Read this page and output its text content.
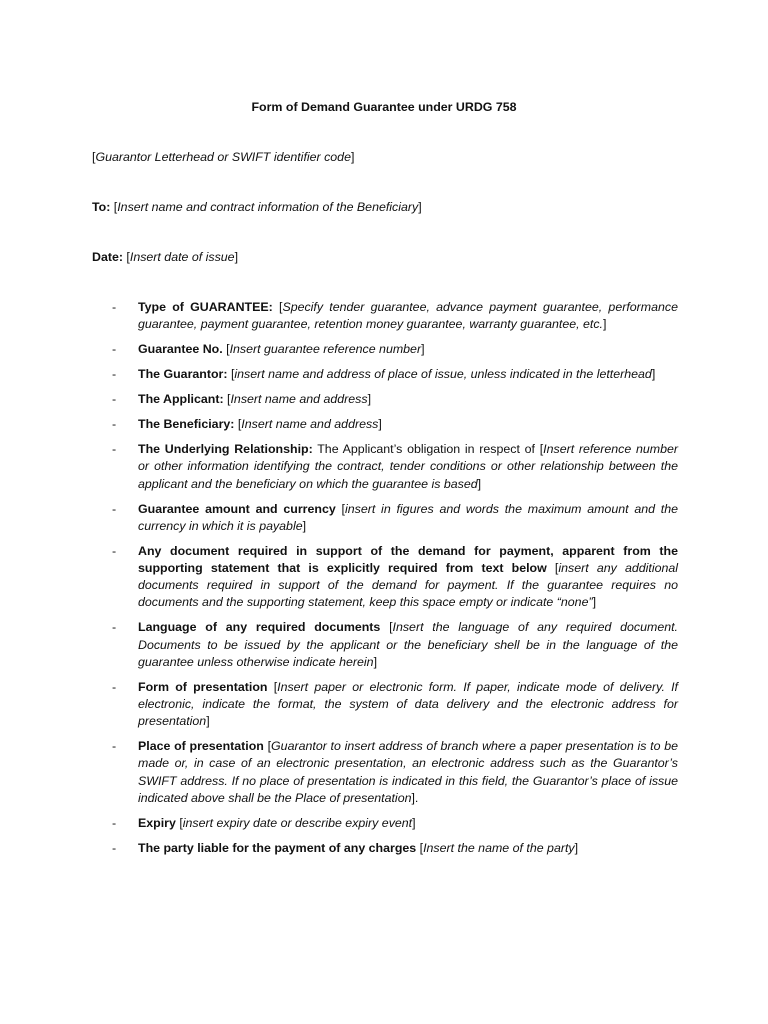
Form of Demand Guarantee under URDG 758
[Guarantor Letterhead or SWIFT identifier code]
To: [Insert name and contract information of the Beneficiary]
Date: [Insert date of issue]
- Type of GUARANTEE: [Specify tender guarantee, advance payment guarantee, performance guarantee, payment guarantee, retention money guarantee, warranty guarantee, etc.]
- Guarantee No. [Insert guarantee reference number]
- The Guarantor: [insert name and address of place of issue, unless indicated in the letterhead]
- The Applicant: [Insert name and address]
- The Beneficiary: [Insert name and address]
- The Underlying Relationship: The Applicant’s obligation in respect of [Insert reference number or other information identifying the contract, tender conditions or other relationship between the applicant and the beneficiary on which the guarantee is based]
- Guarantee amount and currency [insert in figures and words the maximum amount and the currency in which it is payable]
- Any document required in support of the demand for payment, apparent from the supporting statement that is explicitly required from text below [insert any additional documents required in support of the demand for payment. If the guarantee requires no documents and the supporting statement, keep this space empty or indicate “none”]
- Language of any required documents [Insert the language of any required document. Documents to be issued by the applicant or the beneficiary shell be in the language of the guarantee unless otherwise indicate herein]
- Form of presentation [Insert paper or electronic form. If paper, indicate mode of delivery. If electronic, indicate the format, the system of data delivery and the electronic address for presentation]
- Place of presentation [Guarantor to insert address of branch where a paper presentation is to be made or, in case of an electronic presentation, an electronic address such as the Guarantor’s SWIFT address. If no place of presentation is indicated in this field, the Guarantor’s place of issue indicated above shall be the Place of presentation].
- Expiry [insert expiry date or describe expiry event]
- The party liable for the payment of any charges [Insert the name of the party]
